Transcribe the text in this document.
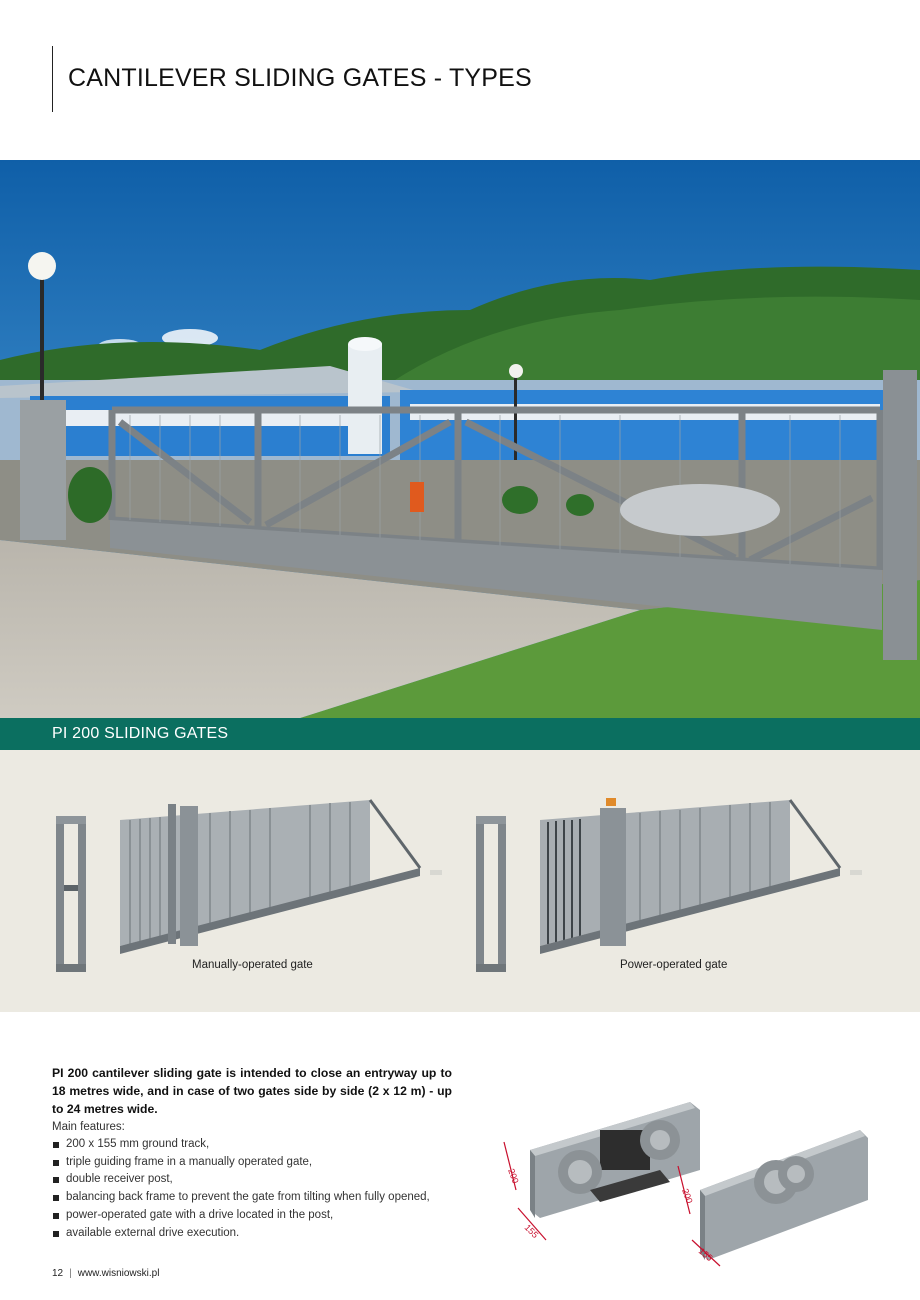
CANTILEVER SLIDING GATES - TYPES
PI 200 SLIDING GATES
Manually-operated gate	Power-operated gate

PI 200 cantilever sliding gate is intended to close an entryway up to 18 metres wide, and in case of two gates side by side (2 x 12 m) - up to 24 metres wide.

Main features:

200 x 155 mm ground track,
triple guiding frame in a manually operated gate,
double receiver post,
balancing back frame to prevent the gate from tilting when fully opened,
power-operated gate with a drive located in the post,
available external drive execution.
200
155
200
155
12 | www.wisniowski.pl
